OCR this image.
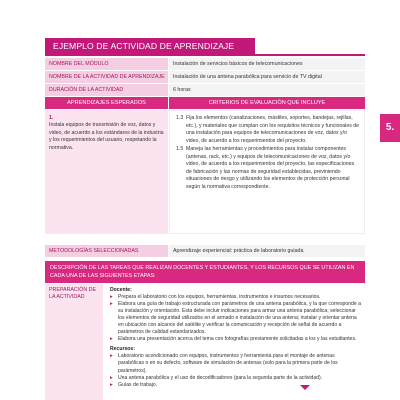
EJEMPLO DE ACTIVIDAD DE APRENDIZAJE
NOMBRE DEL MÓDULO	Instalación de servicios básicos de telecomunicaciones
NOMBRE DE LA ACTIVIDAD DE APRENDIZAJE	Instalación de una antena parabólica para servicio de TV digital
DURACIÓN DE LA ACTIVIDAD	6 horas
APRENDIZAJES ESPERADOS	CRITERIOS DE EVALUACIÓN QUE INCLUYE
1.
Instala equipos de transmisión de voz, datos y video, de acuerdo a los estándares de la industria y los requerimientos del usuario, respetando la normativa.
1.3 Fija los elementos (canalizaciones, mástiles, soportes, bandejas, rejillas, etc.), y materiales que cumplan con los requisitos técnicos y funcionales de una instalación para equipos de telecomunicaciones de voz, datos y/o video, de acuerdo a los requerimientos del proyecto.
1.5 Maneja las herramientas y procedimientos para instalar componentes (antenas, rack, etc.) y equipos de telecomunicaciones de voz, datos y/o video, de acuerdo a los requerimientos del proyecto, las especificaciones de fabricación y las normas de seguridad establecidas, previniendo situaciones de riesgo y utilizando los elementos de protección personal según la normativa correspondiente.
METODOLOGÍAS SELECCIONADAS	Aprendizaje experiencial: práctica de laboratorio guiada
DESCRIPCIÓN DE LAS TAREAS QUE REALIZAN DOCENTES Y ESTUDIANTES, Y LOS RECURSOS QUE SE UTILIZAN EN CADA UNA DE LAS SIGUIENTES ETAPAS:
PREPARACIÓN DE LA ACTIVIDAD
Docente:
▸ Prepara el laboratorio con los equipos, herramientas, instrumentos e insumos necesarios.
▸ Elabora una guía de trabajo estructurada con parámetros de una antena parabólica, y la que corresponde a su instalación y orientación. Esta debe incluir indicaciones para armar una antena parabólica; seleccionar los elementos de seguridad utilizados en el armado e instalación de una antena; instalar y orientar antena en ubicación con alcance del satélite y verificar la comunicación y recepción de señal de acuerdo a parámetros de calidad estandarizados.
▸ Elabora una presentación acerca del tema con fotografías previamente solicitadas a los y las estudiantes.
Recursos:
▸ Laboratorio acondicionado con equipos, instrumentos y herramienta para el montaje de antenas parabólicas o en su defecto, software de simulación de antenas (solo para la primera parte de los parámetros).
▸ Una antena parabólica y el uso de decodificadores (para la segunda parte de la actividad).
▸ Guías de trabajo.
5.
